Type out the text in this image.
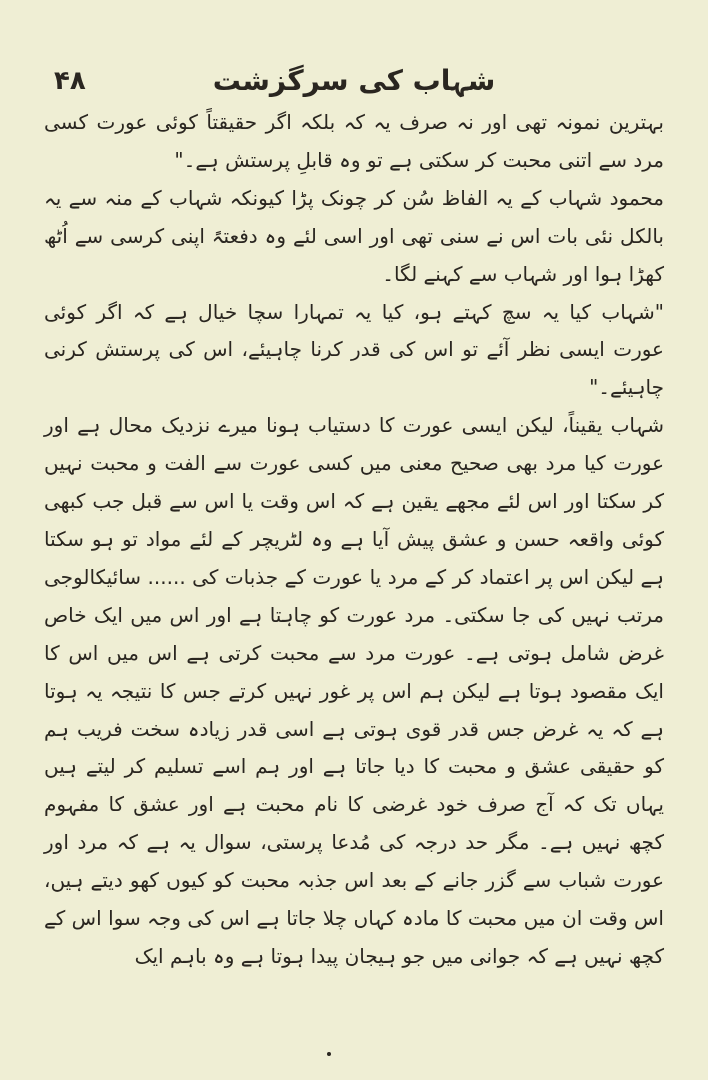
۴۸	شہاب کی سرگزشت

بہترین نمونہ تھی اور نہ صرف یہ کہ بلکہ اگر حقیقتاً کوئی عورت کسی مرد سے اتنی محبت کر سکتی ہے تو وہ قابلِ پرستش ہے۔"

محمود شہاب کے یہ الفاظ سُن کر چونک پڑا کیونکہ شہاب کے منہ سے یہ بالکل نئی بات اس نے سنی تھی اور اسی لئے وہ دفعتہً اپنی کرسی سے اُٹھ کھڑا ہوا اور شہاب سے کہنے لگا۔

"شہاب کیا یہ سچ کہتے ہو، کیا یہ تمہارا سچا خیال ہے کہ اگر کوئی عورت ایسی نظر آئے تو اس کی قدر کرنا چاہیئے، اس کی پرستش کرنی چاہیئے۔"

شہاب یقیناً، لیکن ایسی عورت کا دستیاب ہونا میرے نزدیک محال ہے اور عورت کیا مرد بھی صحیح معنی میں کسی عورت سے الفت و محبت نہیں کر سکتا اور اس لئے مجھے یقین ہے کہ اس وقت یا اس سے قبل جب کبھی کوئی واقعہ حسن و عشق پیش آیا ہے وہ لٹریچر کے لئے مواد تو ہو سکتا ہے لیکن اس پر اعتماد کر کے مرد یا عورت کے جذبات کی ...... سائیکالوجی مرتب نہیں کی جا سکتی۔ مرد عورت کو چاہتا ہے اور اس میں ایک خاص غرض شامل ہوتی ہے۔ عورت مرد سے محبت کرتی ہے اس میں اس کا ایک مقصود ہوتا ہے لیکن ہم اس پر غور نہیں کرتے جس کا نتیجہ یہ ہوتا ہے کہ یہ غرض جس قدر قوی ہوتی ہے اسی قدر زیادہ سخت فریب ہم کو حقیقی عشق و محبت کا دیا جاتا ہے اور ہم اسے تسلیم کر لیتے ہیں یہاں تک کہ آج صرف خود غرضی کا نام محبت ہے اور عشق کا مفہوم کچھ نہیں ہے۔ مگر حد درجہ کی مُدعا پرستی، سوال یہ ہے کہ مرد اور عورت شباب سے گزر جانے کے بعد اس جذبہ محبت کو کیوں کھو دیتے ہیں، اس وقت ان میں محبت کا مادہ کہاں چلا جاتا ہے اس کی وجہ سوا اس کے کچھ نہیں ہے کہ جوانی میں جو ہیجان پیدا ہوتا ہے وہ باہم ایک
